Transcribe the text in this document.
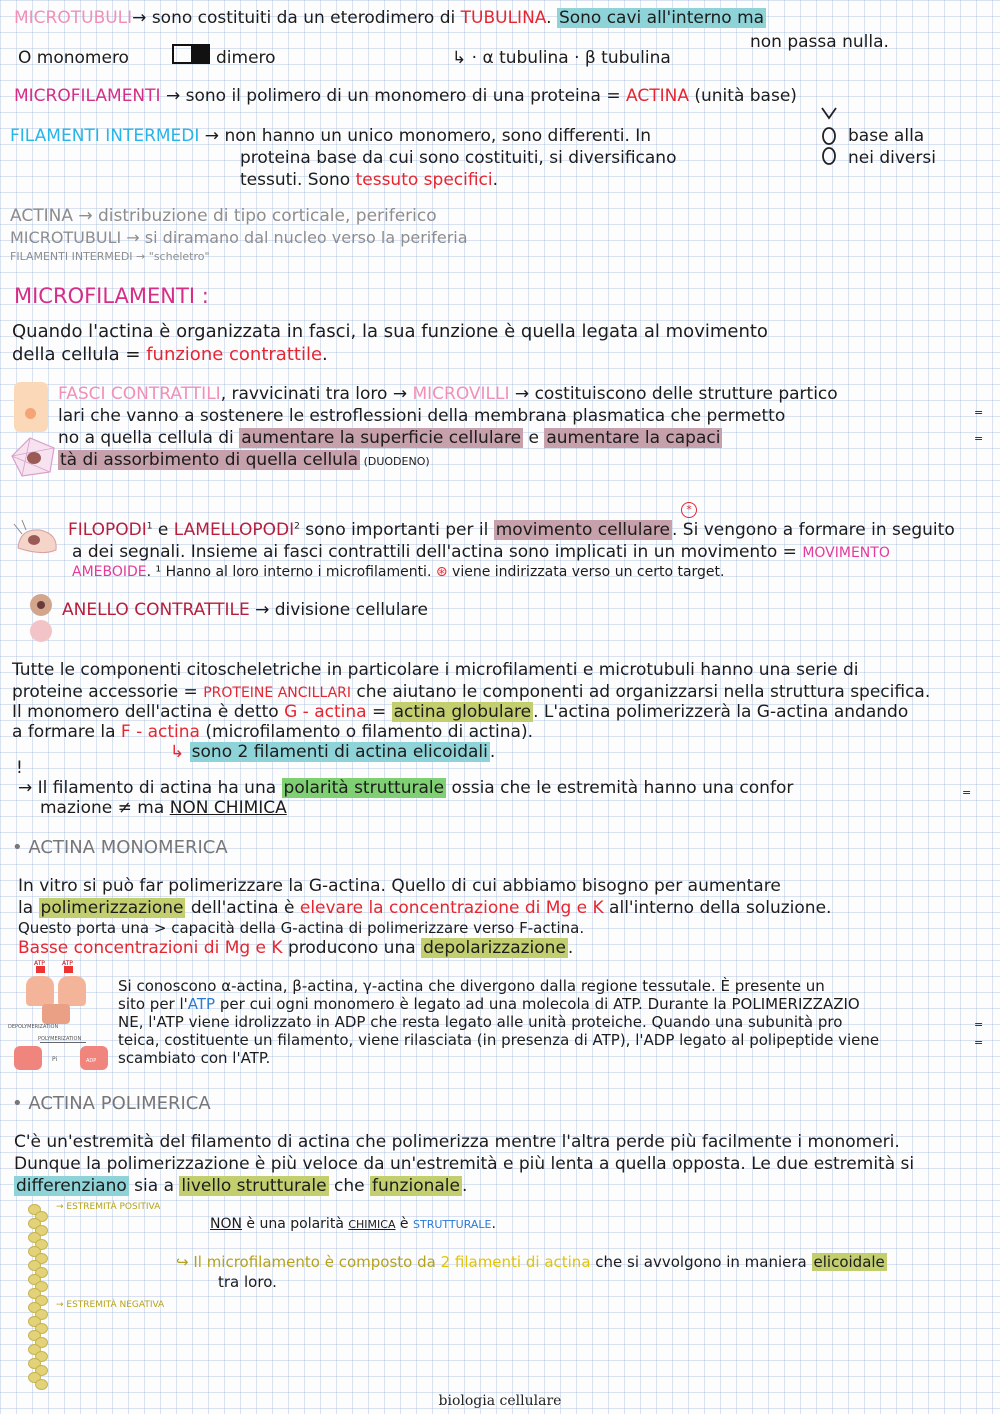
MICROTUBULI→ sono costituiti da un eterodimero di TUBULINA. Sono cavi all'interno ma
non passa nulla.
O monomero	dimero	↳ · α tubulina · β tubulina
MICROFILAMENTI → sono il polimero di un monomero di una proteina = ACTINA (unità base)
FILAMENTI INTERMEDI → non hanno un unico monomero, sono differenti. In
proteina base da cui sono costituiti, si diversificano
tessuti. Sono tessuto specifici.
base alla
nei diversi
ACTINA → distribuzione di tipo corticale, periferico
MICROTUBULI → si diramano dal nucleo verso la periferia
FILAMENTI INTERMEDI → "scheletro"
MICROFILAMENTI :
Quando l'actina è organizzata in fasci, la sua funzione è quella legata al movimento
della cellula = funzione contrattile.
FASCI CONTRATTILI, ravvicinati tra loro → MICROVILLI → costituiscono delle strutture partico
lari che vanno a sostenere le estroflessioni della membrana plasmatica che permetto
no a quella cellula di aumentare la superficie cellulare e aumentare la capaci
tà di assorbimento di quella cellula (DUODENO)
=
=
$FILOPODI^1$ e LAMELLOPODI$^2$ sono importanti per il movimento cellulare . Si vengono a formare in seguito
*
a dei segnali. Insieme ai fasci contrattili dell'actina sono implicati in un movimento = MOVIMENTO
AMEBOIDE. ¹ Hanno al loro interno i microfilamenti. ⊛ viene indirizzata verso un certo target.
ANELLO CONTRATTILE → divisione cellulare
Tutte le componenti citoscheletriche in particolare i microfilamenti e microtubuli hanno una serie di
proteine accessorie = PROTEINE ANCILLARI che aiutano le componenti ad organizzarsi nella struttura specifica.
Il monomero dell'actina è detto G - actina = actina globulare . L'actina polimerizzerà la G-actina andando
a formare la F - actina (microfilamento o filamento di actina).
↳ sono 2 filamenti di actina elicoidali .
!
→ Il filamento di actina ha una polarità strutturale ossia che le estremità hanno una confor	=
mazione ≠ ma NON CHIMICA
• ACTINA MONOMERICA
In vitro si può far polimerizzare la G-actina. Quello di cui abbiamo bisogno per aumentare
la polimerizzazione dell'actina è elevare la concentrazione di Mg e K all'interno della soluzione.
Questo porta una > capacità della G-actina di polimerizzare verso F-actina.
Basse concentrazioni di Mg e K producono una depolarizzazione .
ATP	ATP
DEPOLYMERIZATION
POLYMERIZATION
Pi	ADP
Si conoscono α-actina, β-actina, γ-actina che divergono dalla regione tessutale. È presente un
sito per l'ATP per cui ogni monomero è legato ad una molecola di ATP. Durante la POLIMERIZZAZIO
NE, l'ATP viene idrolizzato in ADP che resta legato alle unità proteiche. Quando una subunità pro
teica, costituente un filamento, viene rilasciata (in presenza di ATP), l'ADP legato al polipeptide viene
scambiato con l'ATP.
=
=
• ACTINA POLIMERICA
C'è un'estremità del filamento di actina che polimerizza mentre l'altra perde più facilmente i monomeri.
Dunque la polimerizzazione è più veloce da un'estremità e più lenta a quella opposta. Le due estremità si
differenziano sia a livello strutturale che funzionale .
→ ESTREMITÀ POSITIVA
→ ESTREMITÀ NEGATIVA
NON è una polarità CHIMICA è STRUTTURALE.
↪ Il microfilamento è composto da 2 filamenti di actina che si avvolgono in maniera elicoidale
tra loro.
biologia cellulare
